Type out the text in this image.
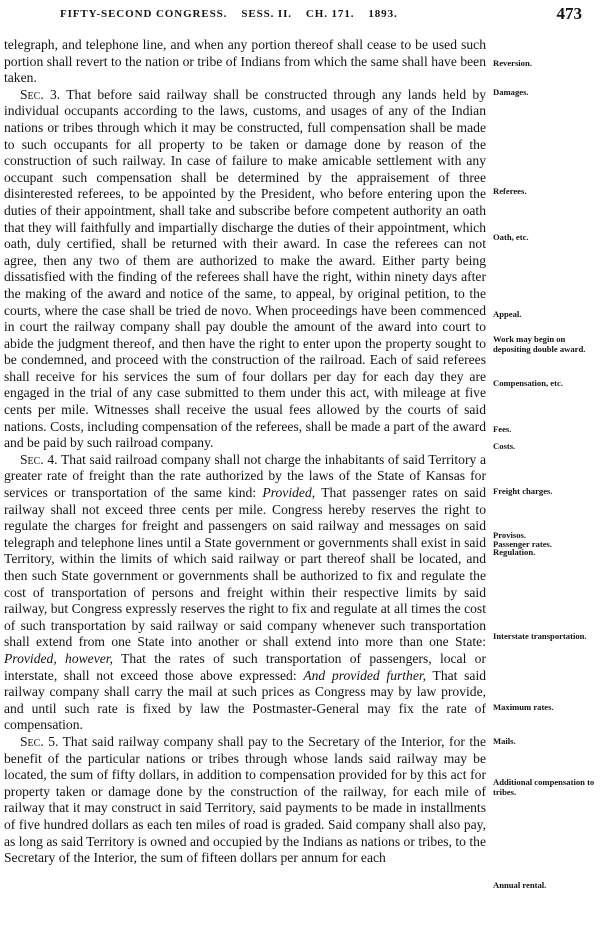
FIFTY-SECOND CONGRESS. SESS. II. CH. 171. 1893.	473

telegraph, and telephone line, and when any portion thereof shall cease to be used such portion shall revert to the nation or tribe of Indians from which the same shall have been taken.

Sec. 3. That before said railway shall be constructed through any lands held by individual occupants according to the laws, customs, and usages of any of the Indian nations or tribes through which it may be constructed, full compensation shall be made to such occupants for all property to be taken or damage done by reason of the construction of such railway. In case of failure to make amicable settlement with any occupant such compensation shall be determined by the appraisement of three disinterested referees, to be appointed by the President, who before entering upon the duties of their appointment, shall take and subscribe before competent authority an oath that they will faithfully and impartially discharge the duties of their appointment, which oath, duly certified, shall be returned with their award. In case the referees can not agree, then any two of them are authorized to make the award. Either party being dissatisfied with the finding of the referees shall have the right, within ninety days after the making of the award and notice of the same, to appeal, by original petition, to the courts, where the case shall be tried de novo. When proceedings have been commenced in court the railway company shall pay double the amount of the award into court to abide the judgment thereof, and then have the right to enter upon the property sought to be condemned, and proceed with the construction of the railroad. Each of said referees shall receive for his services the sum of four dollars per day for each day they are engaged in the trial of any case submitted to them under this act, with mileage at five cents per mile. Witnesses shall receive the usual fees allowed by the courts of said nations. Costs, including compensation of the referees, shall be made a part of the award and be paid by such railroad company.

Sec. 4. That said railroad company shall not charge the inhabitants of said Territory a greater rate of freight than the rate authorized by the laws of the State of Kansas for services or transportation of the same kind: Provided, That passenger rates on said railway shall not exceed three cents per mile. Congress hereby reserves the right to regulate the charges for freight and passengers on said railway and messages on said telegraph and telephone lines until a State government or governments shall exist in said Territory, within the limits of which said railway or part thereof shall be located, and then such State government or governments shall be authorized to fix and regulate the cost of transportation of persons and freight within their respective limits by said railway, but Congress expressly reserves the right to fix and regulate at all times the cost of such transportation by said railway or said company whenever such transportation shall extend from one State into another or shall extend into more than one State: Provided, however, That the rates of such transportation of passengers, local or interstate, shall not exceed those above expressed: And provided further, That said railway company shall carry the mail at such prices as Congress may by law provide, and until such rate is fixed by law the Postmaster-General may fix the rate of compensation.

Sec. 5. That said railway company shall pay to the Secretary of the Interior, for the benefit of the particular nations or tribes through whose lands said railway may be located, the sum of fifty dollars, in addition to compensation provided for by this act for property taken or damage done by the construction of the railway, for each mile of railway that it may construct in said Territory, said payments to be made in installments of five hundred dollars as each ten miles of road is graded. Said company shall also pay, as long as said Territory is owned and occupied by the Indians as nations or tribes, to the Secretary of the Interior, the sum of fifteen dollars per annum for each

Reversion.

Damages.

Referees.

Oath, etc.

Appeal.

Work may begin on depositing double award.

Compensation, etc.

Fees.

Costs.

Freight charges.

Provisos.

Passenger rates.

Regulation.

Interstate transportation.

Maximum rates.

Mails.

Additional compensation to tribes.

Annual rental.
